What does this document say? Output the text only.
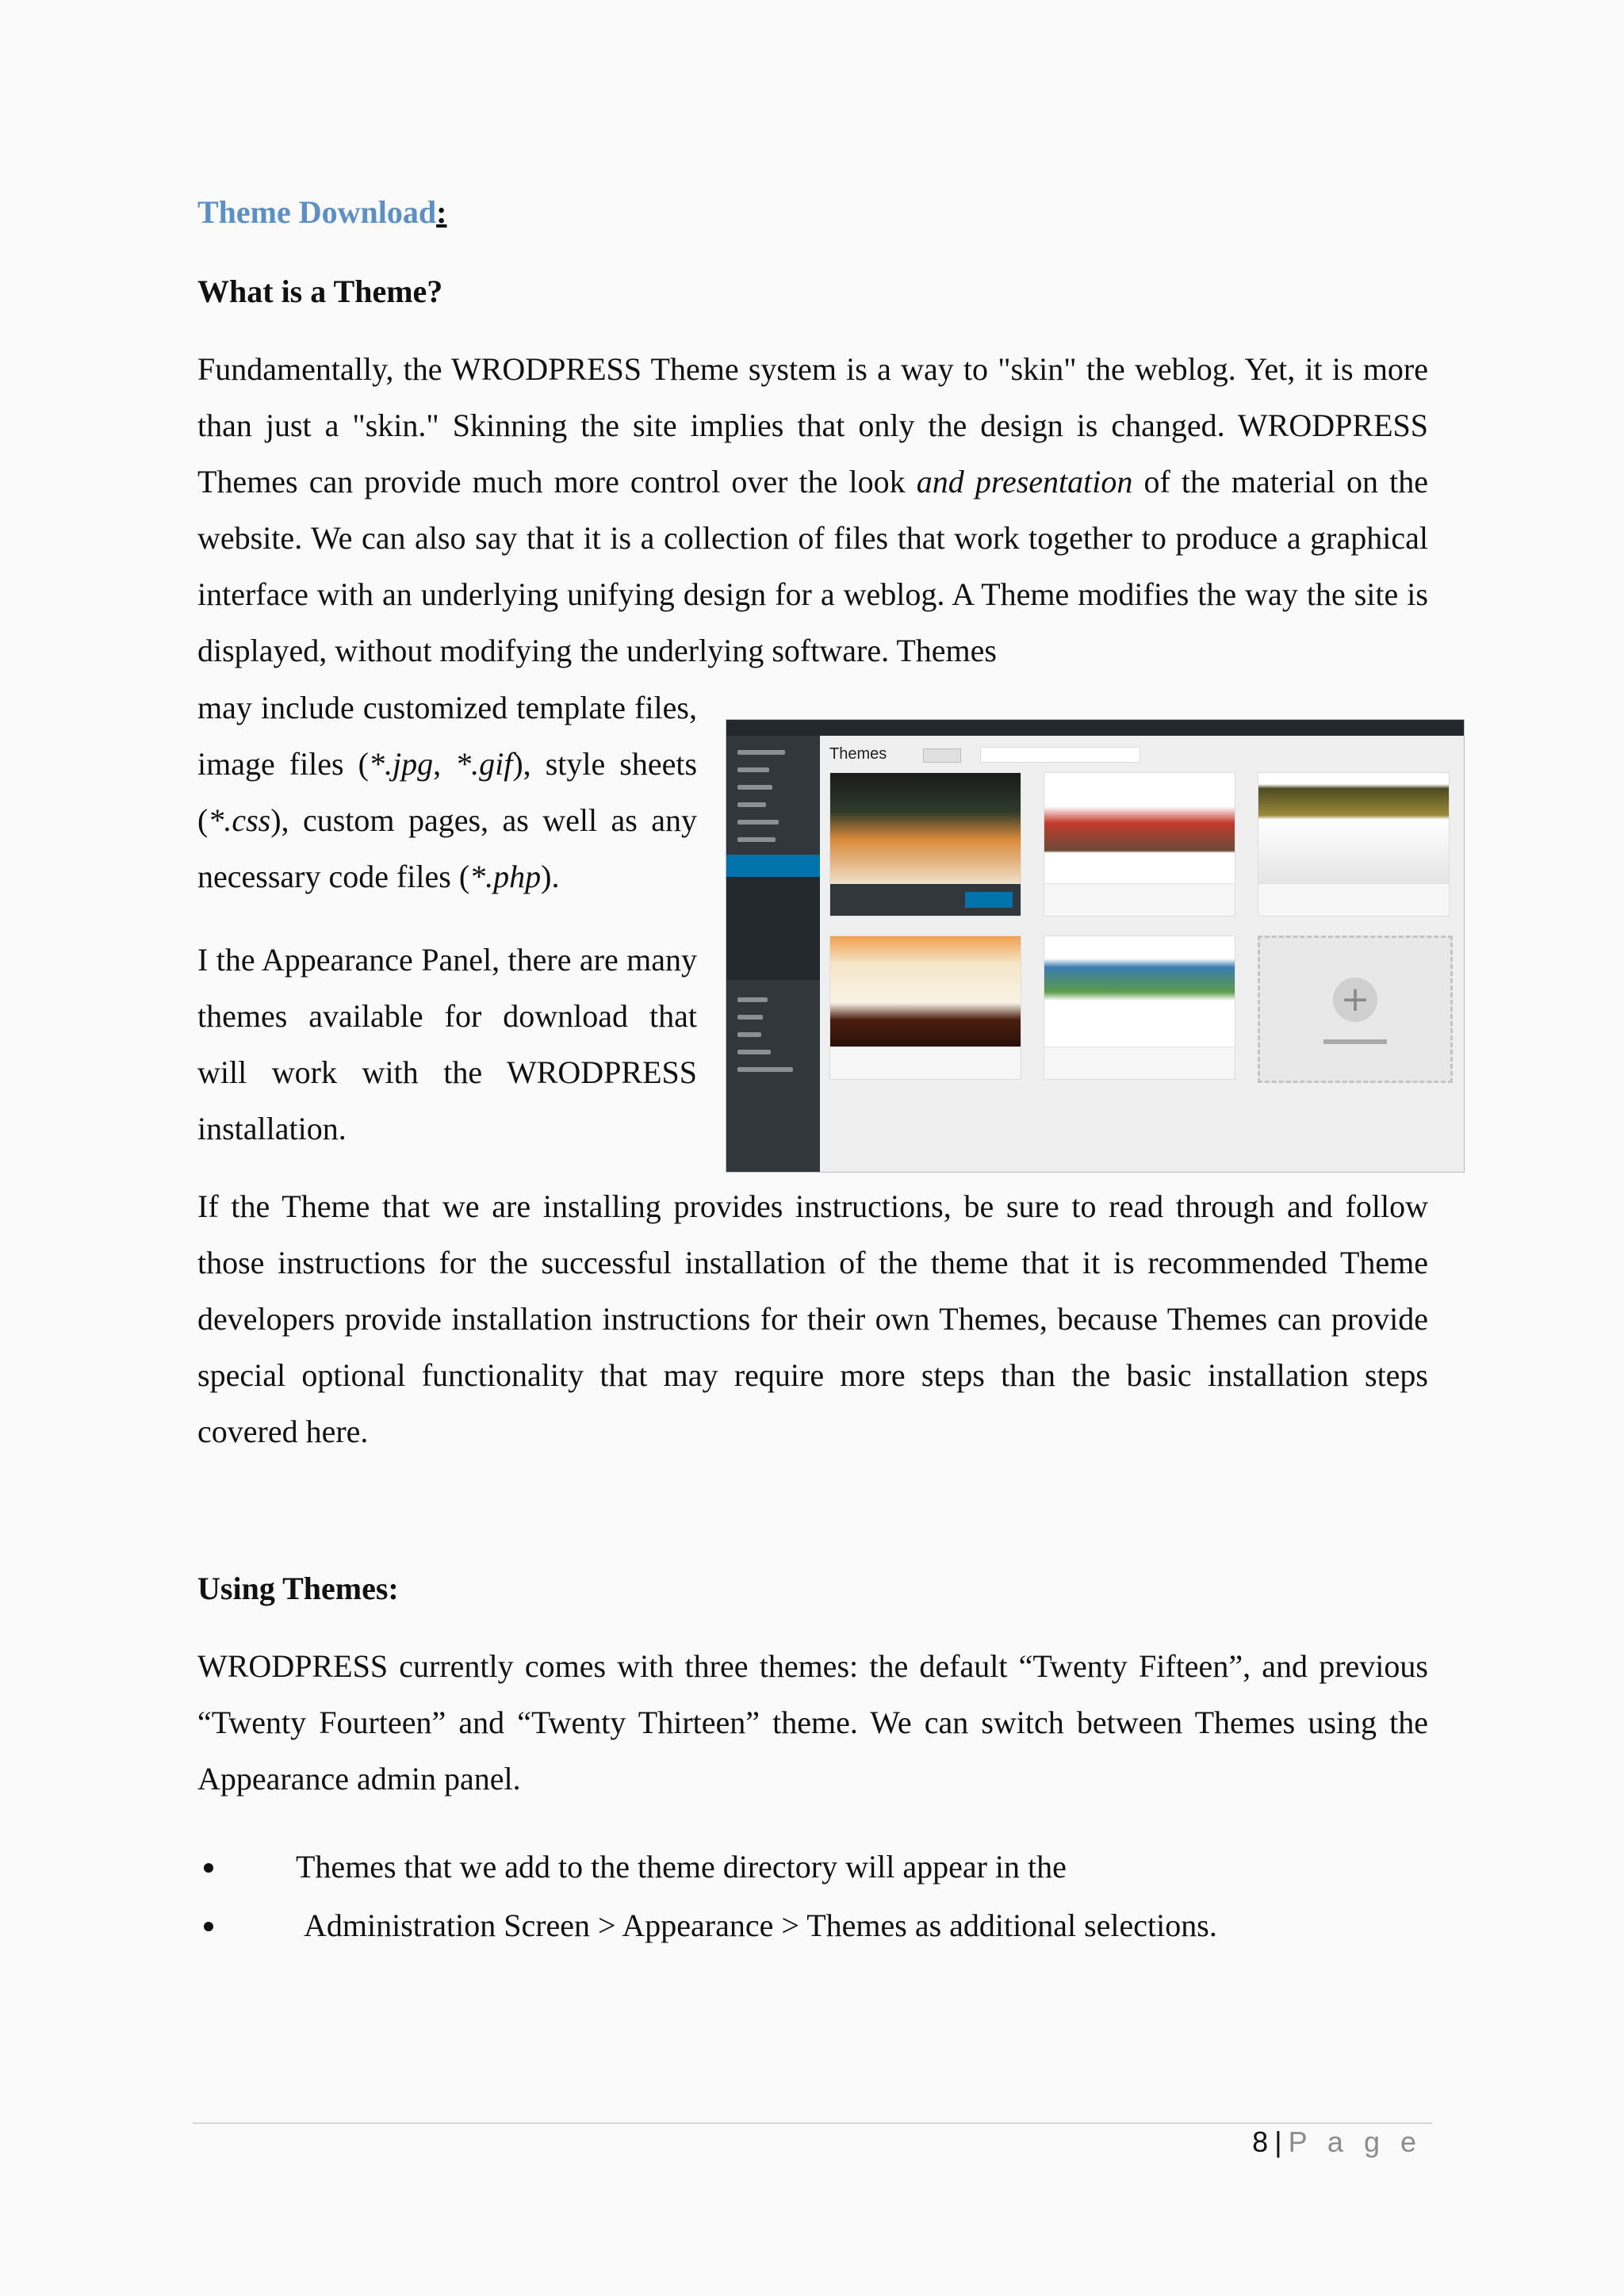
Theme Download:
What is a Theme?

Fundamentally, the WRODPRESS Theme system is a way to "skin" the weblog. Yet, it is more than just a "skin." Skinning the site implies that only the design is changed. WRODPRESS Themes can provide much more control over the look and presentation of the material on the website. We can also say that it is a collection of files that work together to produce a graphical interface with an underlying unifying design for a weblog. A Theme modifies the way the site is displayed, without modifying the underlying software. Themes

may include customized template files, image files (*.jpg, *.gif), style sheets (*.css), custom pages, as well as any necessary code files (*.php).

I the Appearance Panel, there are many themes available for download that will work with the WRODPRESS installation.

Themes
+

If the Theme that we are installing provides instructions, be sure to read through and follow those instructions for the successful installation of the theme that it is recommended Theme developers provide installation instructions for their own Themes, because Themes can provide special optional functionality that may require more steps than the basic installation steps covered here.

Using Themes:

WRODPRESS currently comes with three themes: the default “Twenty Fifteen”, and previous “Twenty Fourteen” and “Twenty Thirteen” theme. We can switch between Themes using the Appearance admin panel.

Themes that we add to the theme directory will appear in the
Administration Screen > Appearance > Themes as additional selections.
8 | P a g e
